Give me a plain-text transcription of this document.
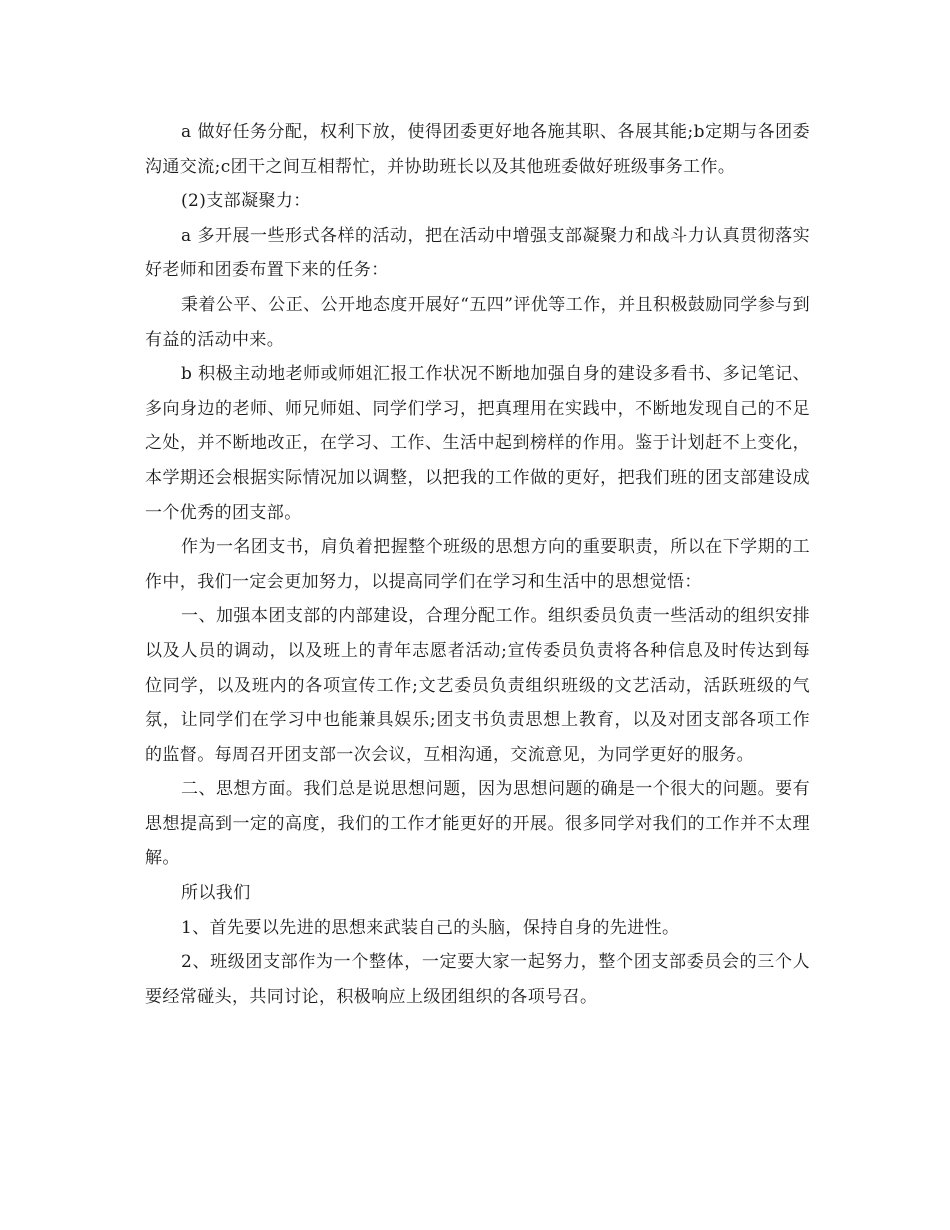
a 做好任务分配，权利下放，使得团委更好地各施其职、各展其能;b定期与各团委沟通交流;c团干之间互相帮忙，并协助班长以及其他班委做好班级事务工作。

(2)支部凝聚力：

a 多开展一些形式各样的活动，把在活动中增强支部凝聚力和战斗力认真贯彻落实好老师和团委布置下来的任务：

秉着公平、公正、公开地态度开展好“五四”评优等工作，并且积极鼓励同学参与到有益的活动中来。

b 积极主动地老师或师姐汇报工作状况不断地加强自身的建设多看书、多记笔记、多向身边的老师、师兄师姐、同学们学习，把真理用在实践中，不断地发现自己的不足之处，并不断地改正，在学习、工作、生活中起到榜样的作用。鉴于计划赶不上变化，本学期还会根据实际情况加以调整，以把我的工作做的更好，把我们班的团支部建设成一个优秀的团支部。

作为一名团支书，肩负着把握整个班级的思想方向的重要职责，所以在下学期的工作中，我们一定会更加努力，以提高同学们在学习和生活中的思想觉悟：

一、加强本团支部的内部建设，合理分配工作。组织委员负责一些活动的组织安排以及人员的调动，以及班上的青年志愿者活动;宣传委员负责将各种信息及时传达到每位同学，以及班内的各项宣传工作;文艺委员负责组织班级的文艺活动，活跃班级的气氛，让同学们在学习中也能兼具娱乐;团支书负责思想上教育，以及对团支部各项工作的监督。每周召开团支部一次会议，互相沟通，交流意见，为同学更好的服务。

二、思想方面。我们总是说思想问题，因为思想问题的确是一个很大的问题。要有思想提高到一定的高度，我们的工作才能更好的开展。很多同学对我们的工作并不太理解。

所以我们

1、首先要以先进的思想来武装自己的头脑，保持自身的先进性。

2、班级团支部作为一个整体，一定要大家一起努力，整个团支部委员会的三个人要经常碰头，共同讨论，积极响应上级团组织的各项号召。
